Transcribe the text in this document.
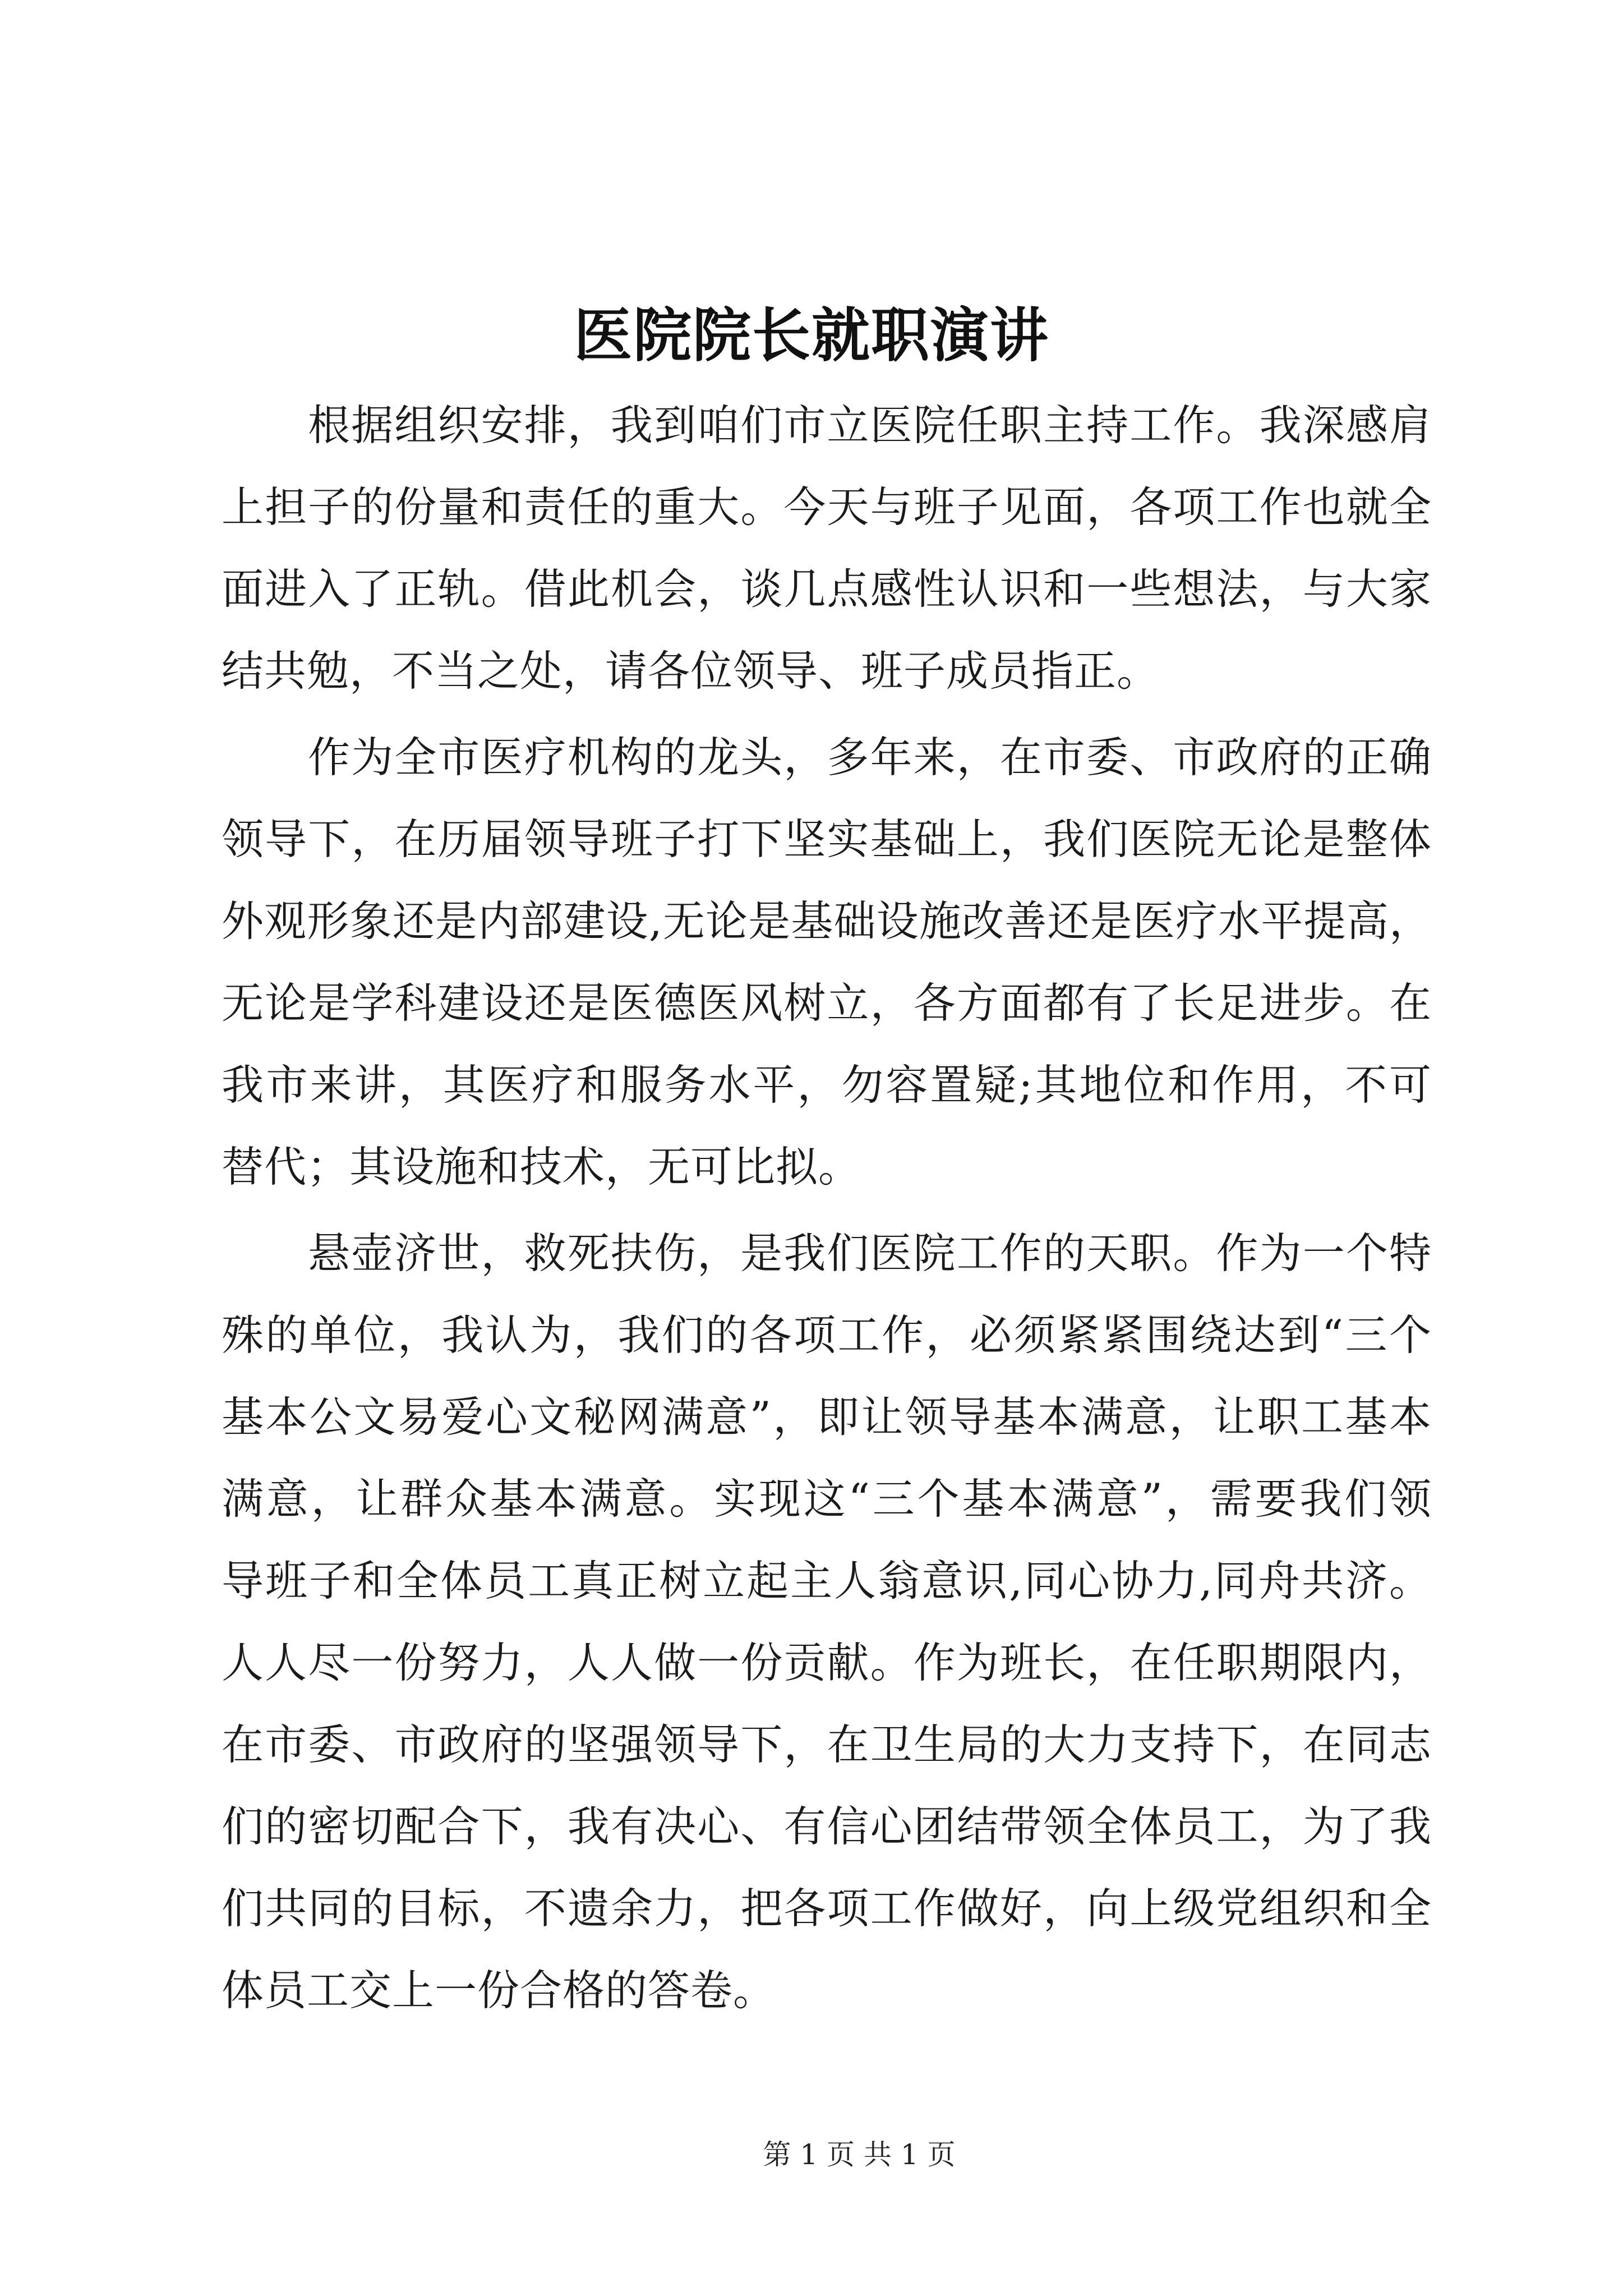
医院院长就职演讲
根据组织安排，我到咱们市立医院任职主持工作。我深感肩
上担子的份量和责任的重大。今天与班子见面，各项工作也就全
面进入了正轨。借此机会，谈几点感性认识和一些想法，与大家
结共勉，不当之处，请各位领导、班子成员指正。
作为全市医疗机构的龙头，多年来，在市委、市政府的正确
领导下，在历届领导班子打下坚实基础上，我们医院无论是整体
外观形象还是内部建设,无论是基础设施改善还是医疗水平提高，
无论是学科建设还是医德医风树立，各方面都有了长足进步。在
我市来讲，其医疗和服务水平，勿容置疑;其地位和作用，不可
替代；其设施和技术，无可比拟。
悬壶济世，救死扶伤，是我们医院工作的天职。作为一个特
殊的单位，我认为，我们的各项工作，必须紧紧围绕达到“三个
基本公文易爱心文秘网满意”，即让领导基本满意，让职工基本
满意，让群众基本满意。实现这“三个基本满意”，需要我们领
导班子和全体员工真正树立起主人翁意识,同心协力,同舟共济。
人人尽一份努力，人人做一份贡献。作为班长，在任职期限内，
在市委、市政府的坚强领导下，在卫生局的大力支持下，在同志
们的密切配合下，我有决心、有信心团结带领全体员工，为了我
们共同的目标，不遗余力，把各项工作做好，向上级党组织和全
体员工交上一份合格的答卷。
第 1 页 共 1 页
